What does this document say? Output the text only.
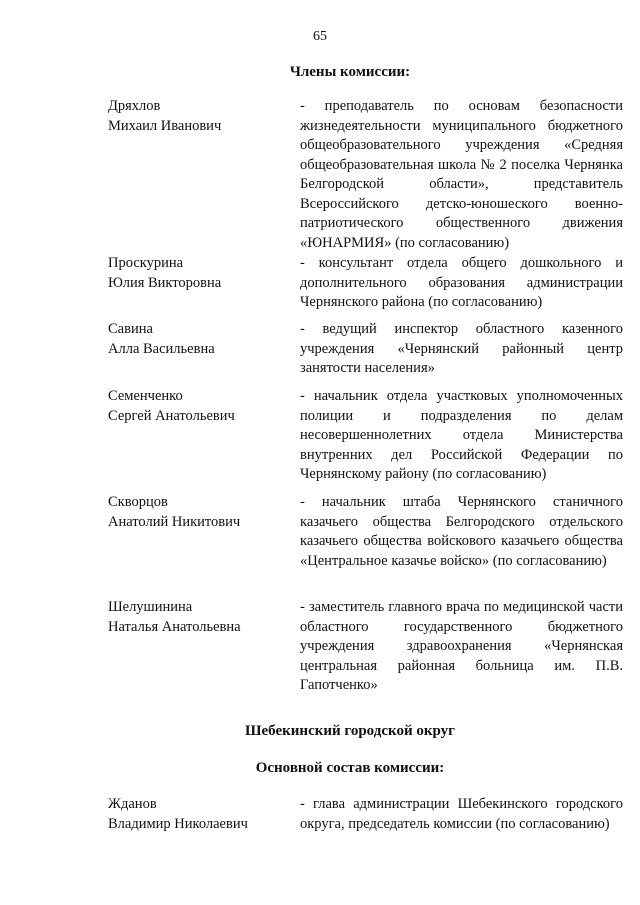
65
Члены комиссии:
Дряхлов
Михаил Иванович
- преподаватель по основам безопасности жизнедеятельности муниципального бюджетного общеобразовательного учреждения «Средняя общеобразовательная школа № 2 поселка Чернянка Белгородской области», представитель Всероссийского детско-юношеского военно-патриотического общественного движения «ЮНАРМИЯ» (по согласованию)
Проскурина
Юлия Викторовна
- консультант отдела общего дошкольного и дополнительного образования администрации Чернянского района (по согласованию)
Савина
Алла Васильевна
- ведущий инспектор областного казенного учреждения «Чернянский районный центр занятости населения»
Семенченко
Сергей Анатольевич
- начальник отдела участковых уполномоченных полиции и подразделения по делам несовершеннолетних отдела Министерства внутренних дел Российской Федерации по Чернянскому району (по согласованию)
Скворцов
Анатолий Никитович
- начальник штаба Чернянского станичного казачьего общества Белгородского отдельского казачьего общества войскового казачьего общества «Центральное казачье войско» (по согласованию)
Шелушинина
Наталья Анатольевна
- заместитель главного врача по медицинской части областного государственного бюджетного учреждения здравоохранения «Чернянская центральная районная больница им. П.В. Гапотченко»
Шебекинский городской округ
Основной состав комиссии:
Жданов
Владимир Николаевич
- глава администрации Шебекинского городского округа, председатель комиссии (по согласованию)
